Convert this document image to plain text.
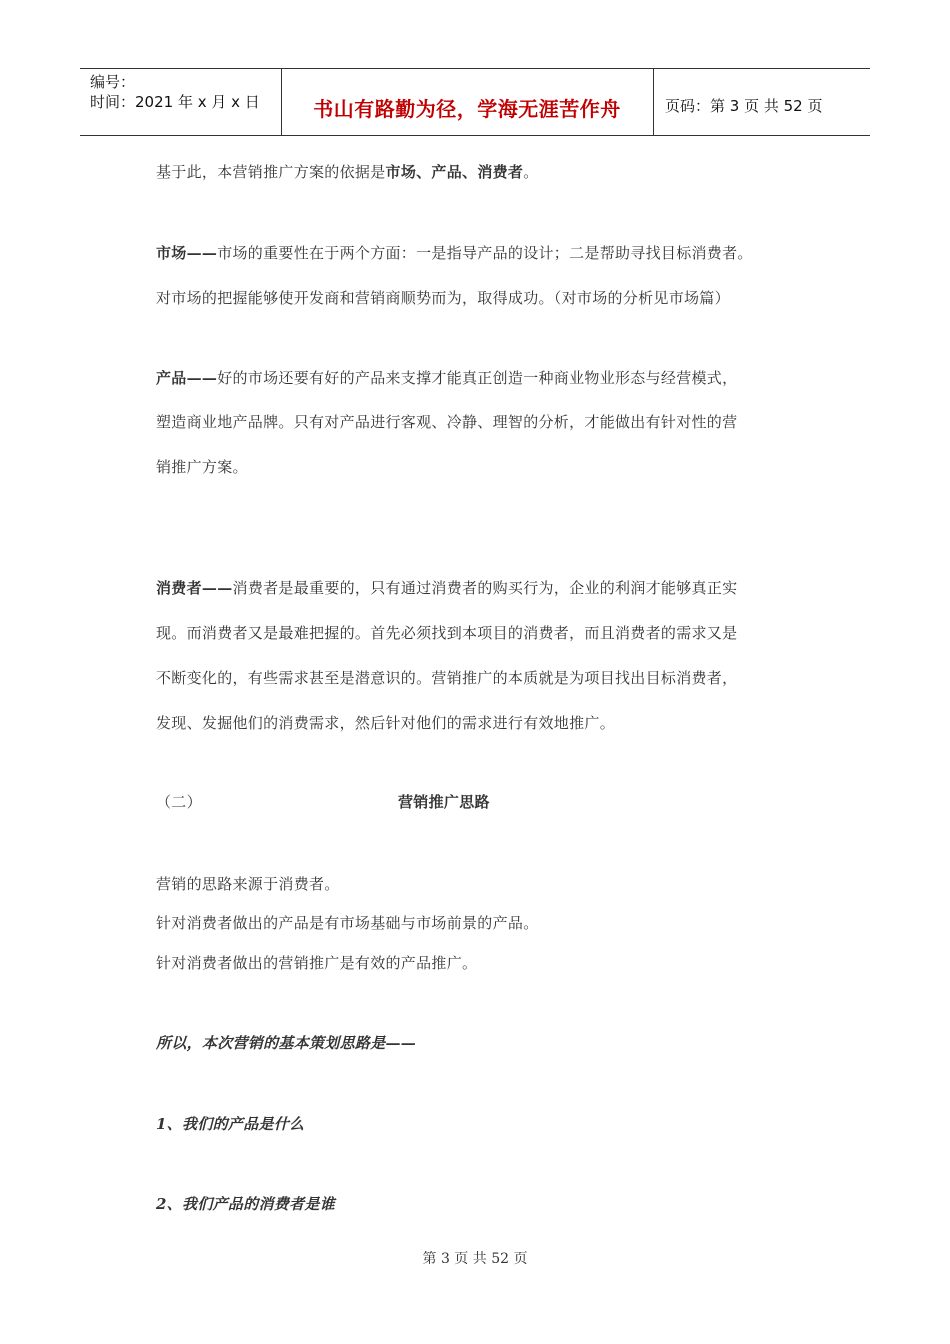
编号：
时间：2021 年 x 月 x 日	书山有路勤为径，学海无涯苦作舟	页码：第 3 页 共 52 页
基于此，本营销推广方案的依据是市场、产品、消费者。
市场——市场的重要性在于两个方面：一是指导产品的设计；二是帮助寻找目标消费者。
对市场的把握能够使开发商和营销商顺势而为，取得成功。（对市场的分析见市场篇）
产品——好的市场还要有好的产品来支撑才能真正创造一种商业物业形态与经营模式，
塑造商业地产品牌。只有对产品进行客观、冷静、理智的分析，才能做出有针对性的营
销推广方案。
消费者——消费者是最重要的，只有通过消费者的购买行为，企业的利润才能够真正实
现。而消费者又是最难把握的。首先必须找到本项目的消费者，而且消费者的需求又是
不断变化的，有些需求甚至是潜意识的。营销推广的本质就是为项目找出目标消费者，
发现、发掘他们的消费需求，然后针对他们的需求进行有效地推广。
（二）	营销推广思路
营销的思路来源于消费者。
针对消费者做出的产品是有市场基础与市场前景的产品。
针对消费者做出的营销推广是有效的产品推广。
所以，本次营销的基本策划思路是——
1、我们的产品是什么
2、我们产品的消费者是谁
第 3 页 共 52 页
